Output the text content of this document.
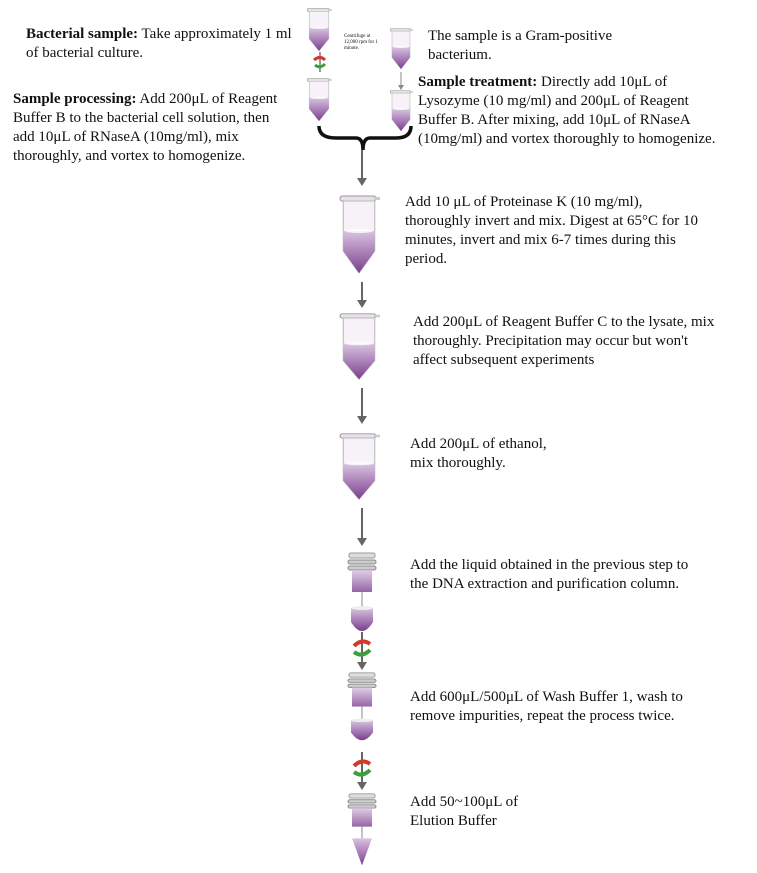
Bacterial sample: Take approximately 1 ml of bacterial culture.
Sample processing: Add 200μL of Reagent Buffer B to the bacterial cell solution, then add 10μL of RNaseA (10mg/ml), mix thoroughly, and vortex to homogenize.
Centrifuge at 12,000 rpm for 1 minute.
The sample is a Gram-positive bacterium.
Sample treatment: Directly add 10μL of Lysozyme (10 mg/ml) and 200μL of Reagent Buffer B. After mixing, add 10μL of RNaseA (10mg/ml) and vortex thoroughly to homogenize.
Add 10 μL of Proteinase K (10 mg/ml), thoroughly invert and mix. Digest at 65°C for 10 minutes, invert and mix 6-7 times during this period.
Add 200μL of Reagent Buffer C to the lysate, mix thoroughly. Precipitation may occur but won't affect subsequent experiments
Add 200μL of ethanol, mix thoroughly.
Add the liquid obtained in the previous step to the DNA extraction and purification column.
Add 600μL/500μL of Wash Buffer 1, wash to remove impurities, repeat the process twice.
Add 50~100μL of Elution Buffer
